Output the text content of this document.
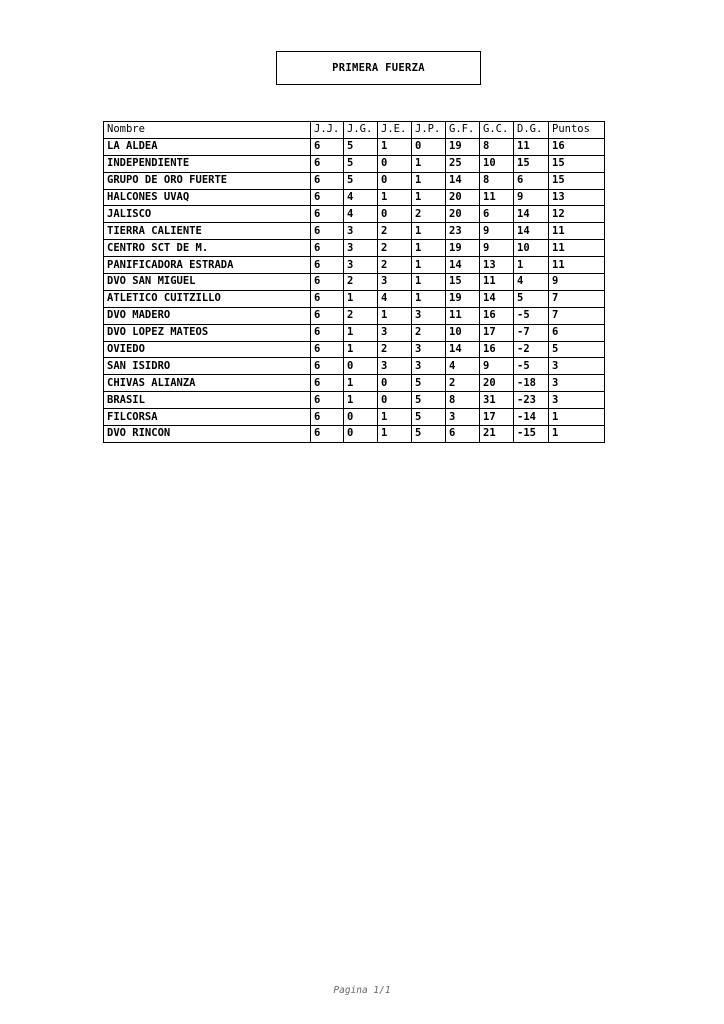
PRIMERA FUERZA
Nombre	J.J.	J.G.	J.E.	J.P.	G.F.	G.C.	D.G.	Puntos
LA ALDEA	6	5	1	0	19	8	11	16
INDEPENDIENTE	6	5	0	1	25	10	15	15
GRUPO DE ORO FUERTE	6	5	0	1	14	8	6	15
HALCONES UVAQ	6	4	1	1	20	11	9	13
JALISCO	6	4	0	2	20	6	14	12
TIERRA CALIENTE	6	3	2	1	23	9	14	11
CENTRO SCT DE M.	6	3	2	1	19	9	10	11
PANIFICADORA ESTRADA	6	3	2	1	14	13	1	11
DVO SAN MIGUEL	6	2	3	1	15	11	4	9
ATLETICO CUITZILLO	6	1	4	1	19	14	5	7
DVO MADERO	6	2	1	3	11	16	-5	7
DVO LOPEZ MATEOS	6	1	3	2	10	17	-7	6
OVIEDO	6	1	2	3	14	16	-2	5
SAN ISIDRO	6	0	3	3	4	9	-5	3
CHIVAS ALIANZA	6	1	0	5	2	20	-18	3
BRASIL	6	1	0	5	8	31	-23	3
FILCORSA	6	0	1	5	3	17	-14	1
DVO RINCON	6	0	1	5	6	21	-15	1
Pagina 1/1
